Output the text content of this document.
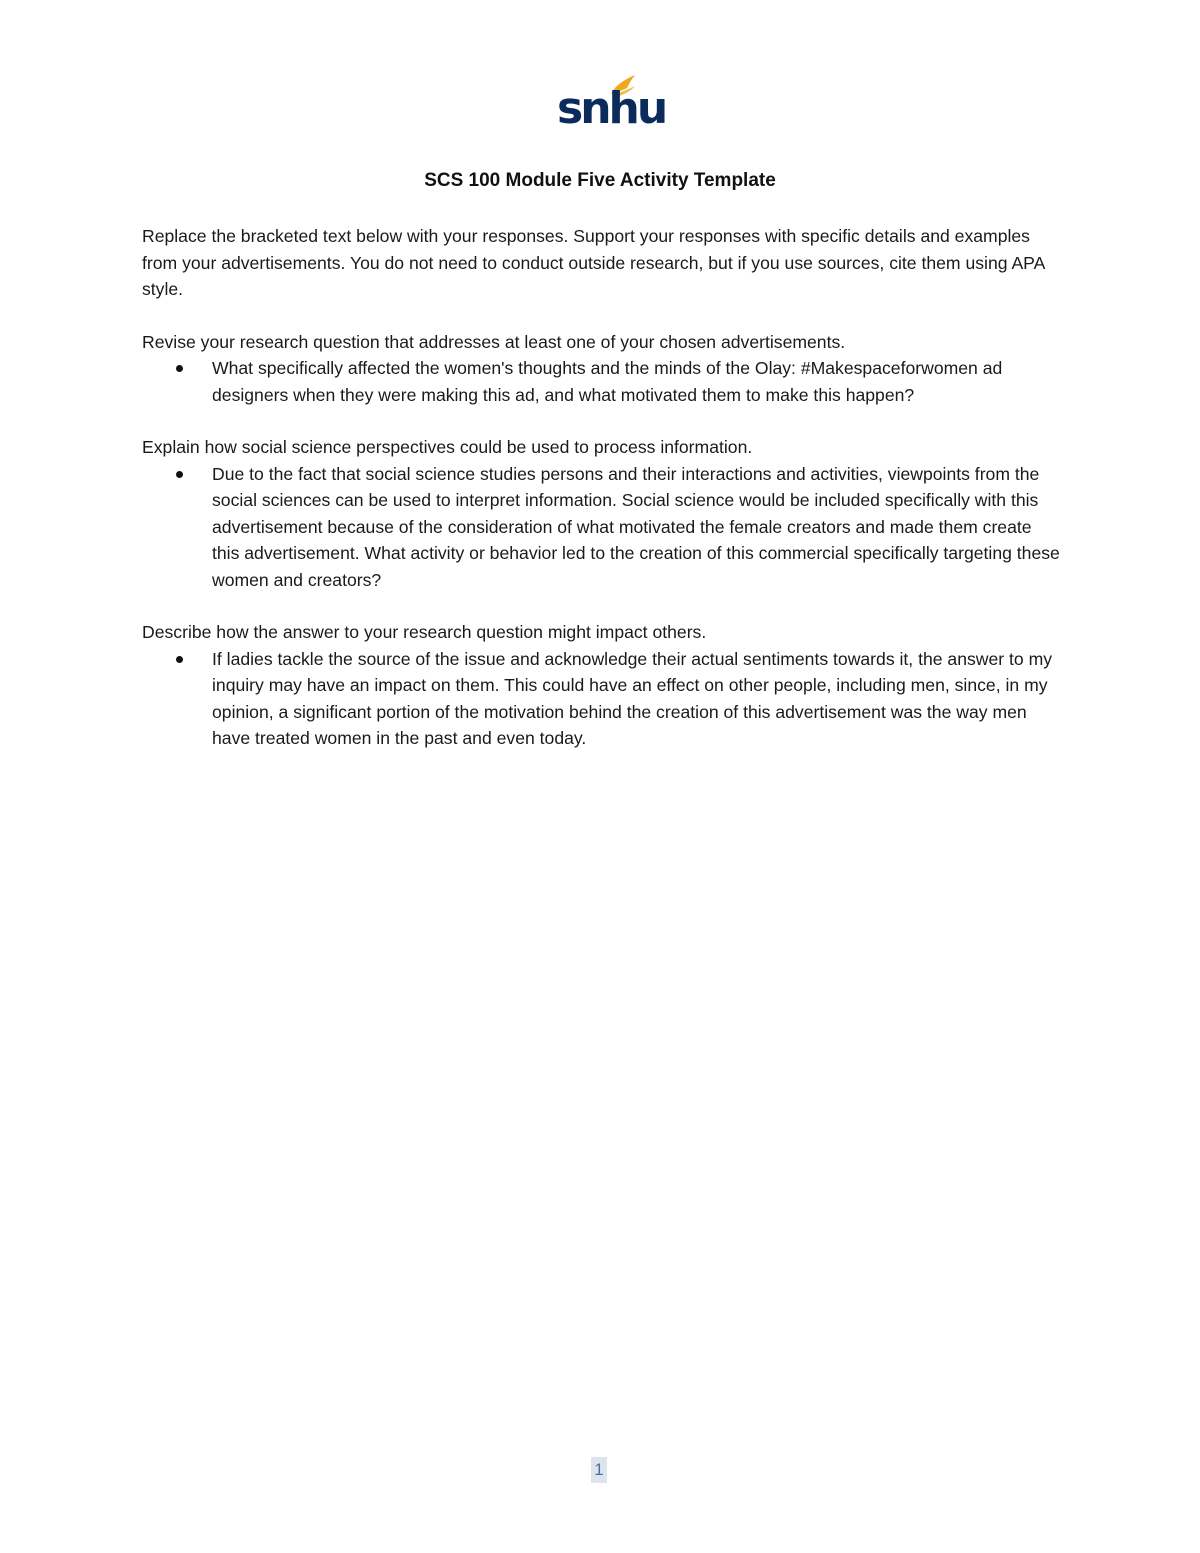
snhu
SCS 100 Module Five Activity Template

Replace the bracketed text below with your responses. Support your responses with specific details and examples from your advertisements. You do not need to conduct outside research, but if you use sources, cite them using APA style.

Revise your research question that addresses at least one of your chosen advertisements.
What specifically affected the women's thoughts and the minds of the Olay: #Makespaceforwomen ad designers when they were making this ad, and what motivated them to make this happen?
Explain how social science perspectives could be used to process information.
Due to the fact that social science studies persons and their interactions and activities, viewpoints from the social sciences can be used to interpret information. Social science would be included specifically with this advertisement because of the consideration of what motivated the female creators and made them create this advertisement. What activity or behavior led to the creation of this commercial specifically targeting these women and creators?
Describe how the answer to your research question might impact others.
If ladies tackle the source of the issue and acknowledge their actual sentiments towards it, the answer to my inquiry may have an impact on them. This could have an effect on other people, including men, since, in my opinion, a significant portion of the motivation behind the creation of this advertisement was the way men have treated women in the past and even today.
1
